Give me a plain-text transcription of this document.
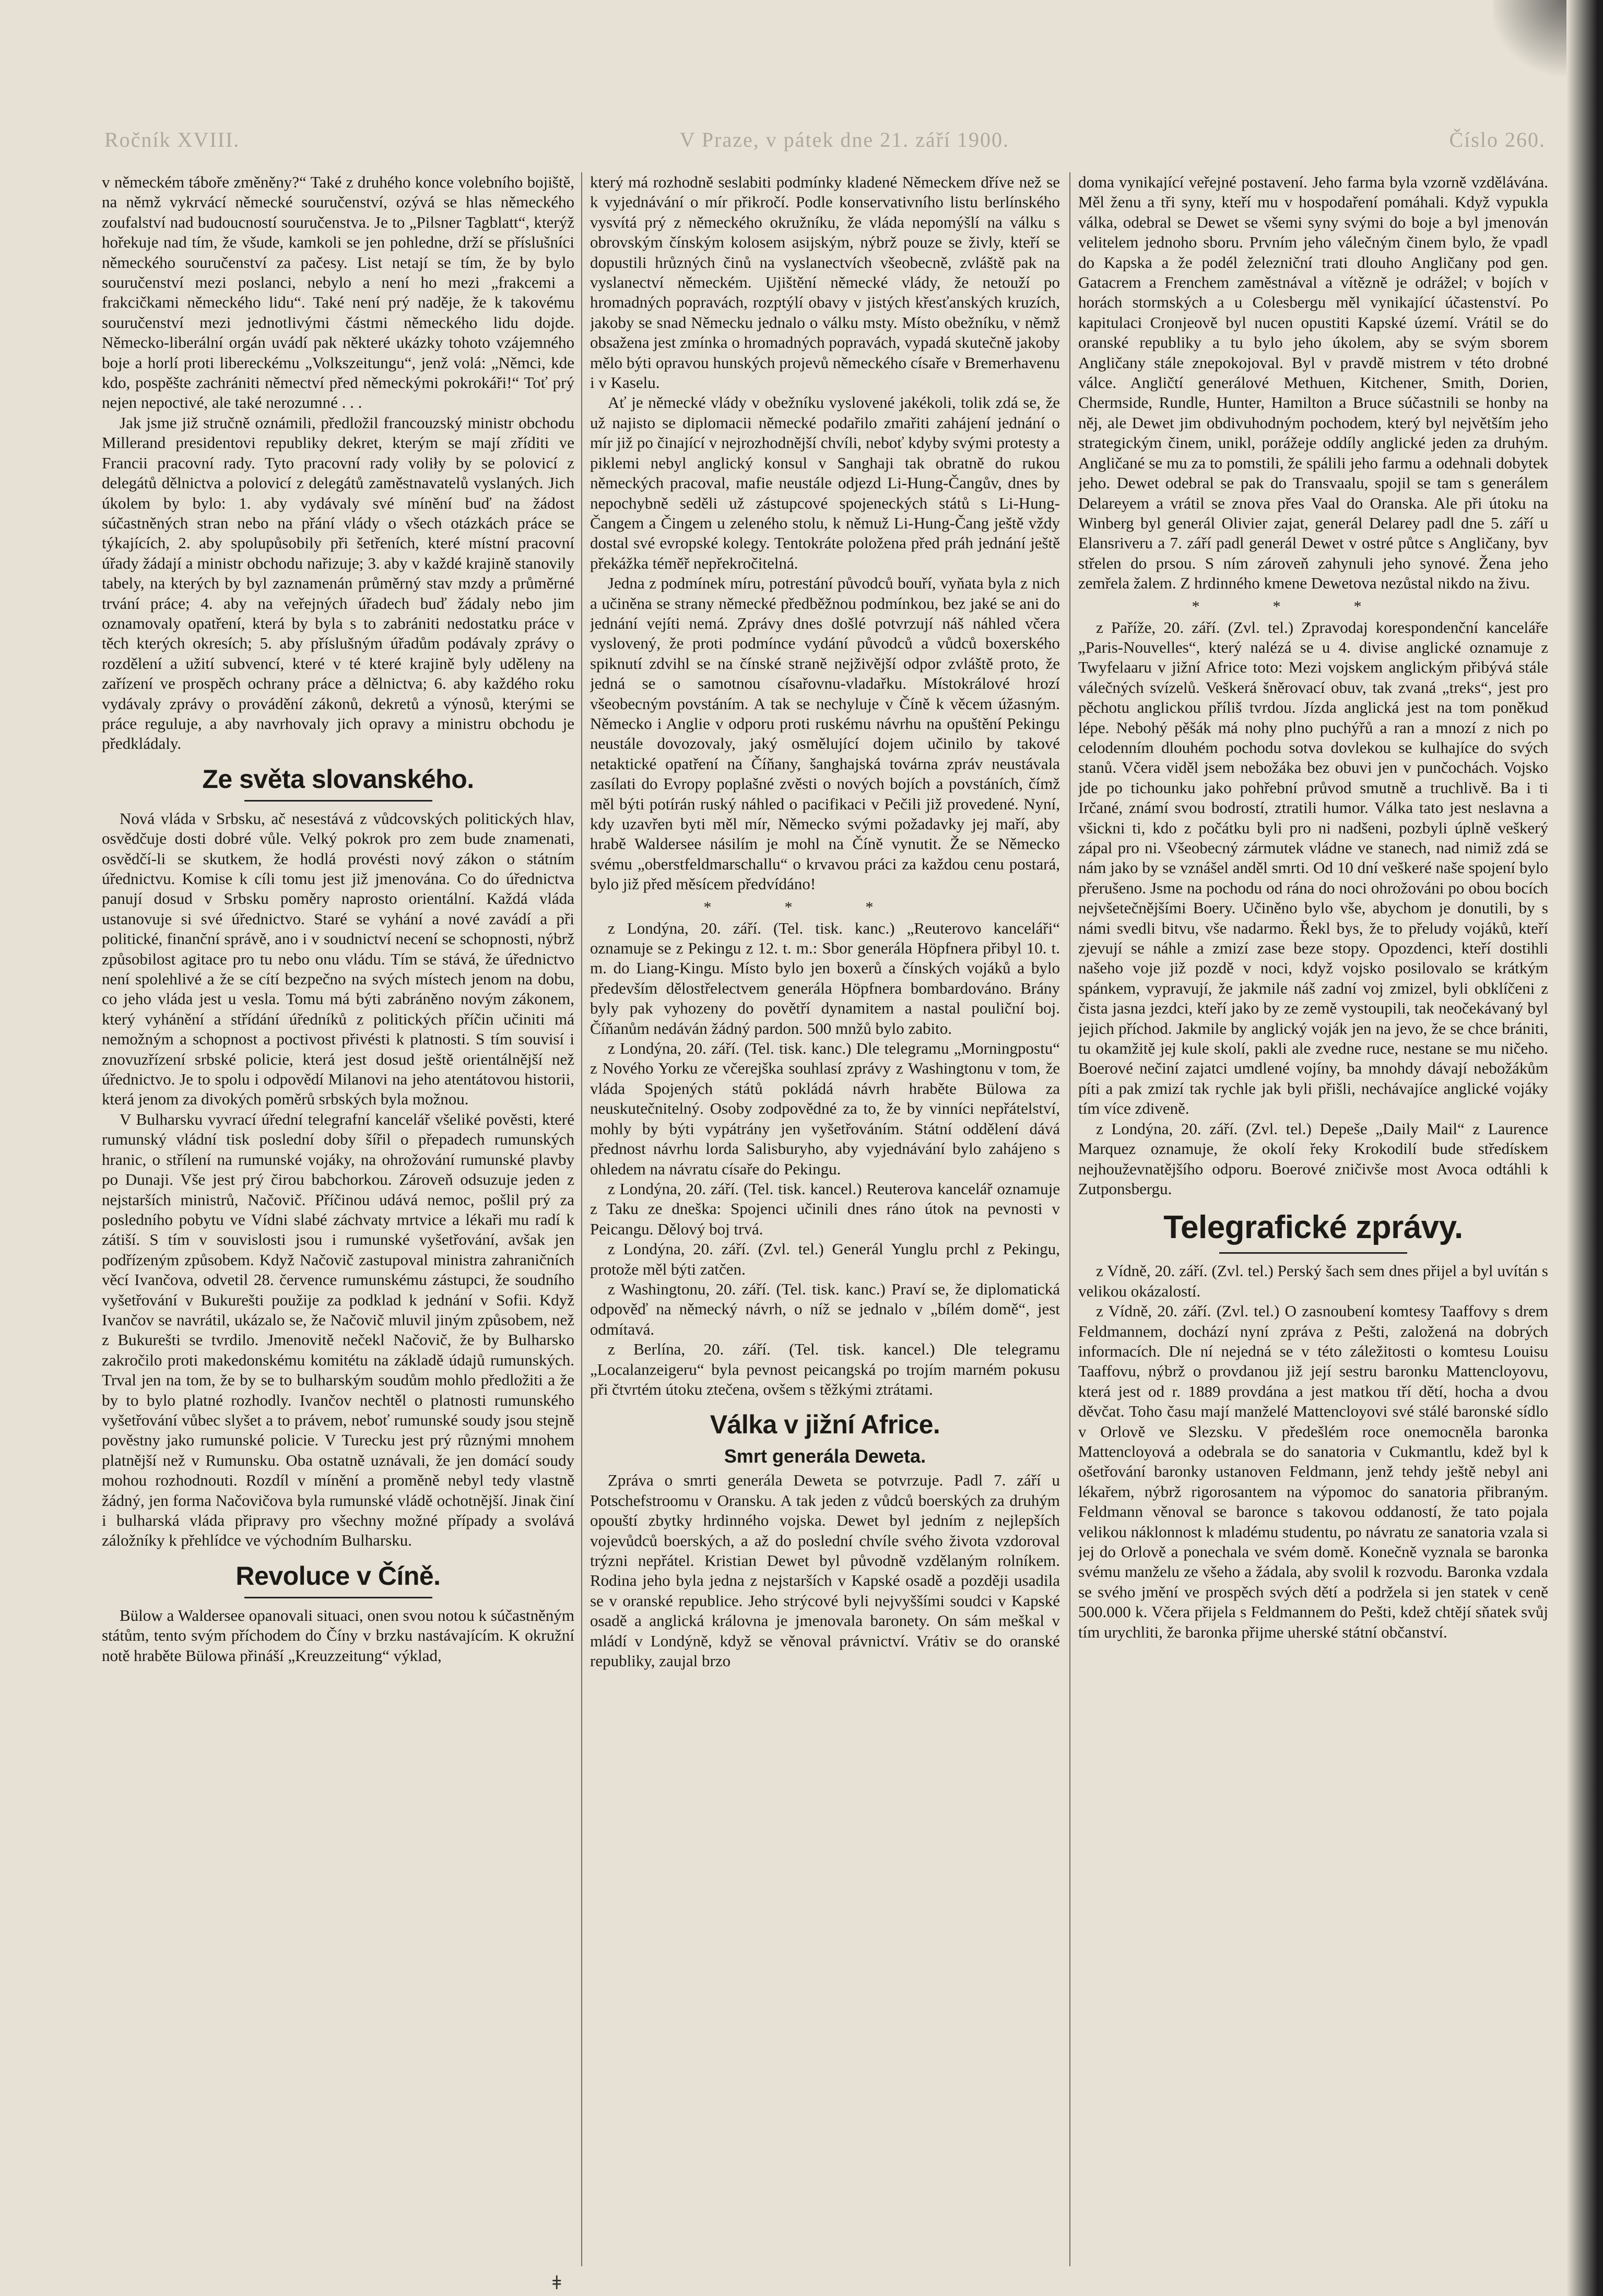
Ročník XVIII.	V Praze, v pátek dne 21. září 1900.	Číslo 260.

v německém táboře změněny?“ Také z druhého konce volebního bojiště, na němž vykrvácí německé souručenství, ozývá se hlas německého zoufalství nad budoucností souručenstva. Je to „Pilsner Tagblatt“, kterýž hořekuje nad tím, že všude, kamkoli se jen pohledne, drží se příslušníci německého souručenství za pačesy. List netají se tím, že by bylo souručenství mezi poslanci, nebylo a není ho mezi „frakcemi a frakcičkami německého lidu“. Také není prý naděje, že k takovému souručenství mezi jednotlivými částmi německého lidu dojde. Německo-liberální orgán uvádí pak některé ukázky tohoto vzájemného boje a horlí proti libereckému „Volkszeitungu“, jenž volá: „Němci, kde kdo, pospěšte zachrániti němectví před německými pokrokáři!“ Toť prý nejen nepoctivé, ale také nerozumné . . .

Jak jsme již stručně oznámili, předložil francouzský ministr obchodu Millerand presidentovi republiky dekret, kterým se mají zříditi ve Francii pracovní rady. Tyto pracovní rady voliły by se polovicí z delegátů dělnictva a polovicí z delegátů zaměstnavatelů vyslaných. Jich úkolem by bylo: 1. aby vydávaly své mínění buď na žádost súčastněných stran nebo na přání vlády o všech otázkách práce se týkajících, 2. aby spolupůsobily při šetřeních, které místní pracovní úřady žádají a ministr obchodu nařizuje; 3. aby v každé krajině stanovily tabely, na kterých by byl zaznamenán průměrný stav mzdy a průměrné trvání práce; 4. aby na veřejných úřadech buď žádaly nebo jim oznamovaly opatření, která by byla s to zabrániti nedostatku práce v těch kterých okresích; 5. aby příslušným úřadům podávaly zprávy o rozdělení a užití subvencí, které v té které krajině byly uděleny na zařízení ve prospěch ochrany práce a dělnictva; 6. aby každého roku vydávaly zprávy o provádění zákonů, dekretů a výnosů, kterými se práce reguluje, a aby navrhovaly jich opravy a ministru obchodu je předkládaly.

Ze světa slovanského.

Nová vláda v Srbsku, ač nesestává z vůdcovských politických hlav, osvědčuje dosti dobré vůle. Velký pokrok pro zem bude znamenati, osvědčí-li se skutkem, že hodlá provésti nový zákon o státním úřednictvu. Komise k cíli tomu jest již jmenována. Co do úřednictva panují dosud v Srbsku poměry naprosto orientální. Každá vláda ustanovuje si své úřednictvo. Staré se vyhání a nové zavádí a při politické, finanční správě, ano i v soudnictví necení se schopnosti, nýbrž způsobilost agitace pro tu nebo onu vládu. Tím se stává, že úřednictvo není spolehlivé a že se cítí bezpečno na svých místech jenom na dobu, co jeho vláda jest u vesla. Tomu má býti zabráněno novým zákonem, který vyhánění a střídání úředníků z politických příčin učiniti má nemožným a schopnost a poctivost přivésti k platnosti. S tím souvisí i znovuzřízení srbské policie, která jest dosud ještě orientálnější než úřednictvo. Je to spolu i odpovědí Milanovi na jeho atentátovou historii, která jenom za divokých poměrů srbských byla možnou.

V Bulharsku vyvrací úřední telegrafní kancelář všeliké pověsti, které rumunský vládní tisk poslední doby šířil o přepadech rumunských hranic, o střílení na rumunské vojáky, na ohrožování rumunské plavby po Dunaji. Vše jest prý čirou babchorkou. Zároveň odsuzuje jeden z nejstarších ministrů, Načovič. Příčinou udává nemoc, pošlil prý za posledního pobytu ve Vídni slabé záchvaty mrtvice a lékaři mu radí k zátiší. S tím v souvislosti jsou i rumunské vyšetřování, avšak jen podřízeným způsobem. Když Načovič zastupoval ministra zahraničních věcí Ivančova, odvetil 28. července rumunskému zástupci, že soudního vyšetřování v Bukurešti použije za podklad k jednání v Sofii. Když Ivančov se navrátil, ukázalo se, že Načovič mluvil jiným způsobem, než z Bukurešti se tvrdilo. Jmenovitě nečekl Načovič, že by Bulharsko zakročilo proti makedonskému komitétu na základě údajů rumunských. Trval jen na tom, že by se to bulharským soudům mohlo předložiti a že by to bylo platné rozhodly. Ivančov nechtěl o platnosti rumunského vyšetřování vůbec slyšet a to právem, neboť rumunské soudy jsou stejně pověstny jako rumunské policie. V Turecku jest prý různými mnohem platnější než v Rumunsku. Oba ostatně uznávali, že jen domácí soudy mohou rozhodnouti. Rozdíl v mínění a proměně nebyl tedy vlastně žádný, jen forma Načovičova byla rumunské vládě ochotnější. Jinak činí i bulharská vláda připravy pro všechny možné případy a svolává záložníky k přehlídce ve východním Bulharsku.

Revoluce v Číně.

Bülow a Waldersee opanovali situaci, onen svou notou k súčastněným státům, tento svým příchodem do Číny v brzku nastávajícím. K okružní notě hraběte Bülowa přináší „Kreuzzeitung“ výklad,

který má rozhodně seslabiti podmínky kladené Německem dříve než se k vyjednávání o mír přikročí. Podle konservativního listu berlínského vysvítá prý z německého okružníku, že vláda nepomýšlí na válku s obrovským čínským kolosem asijským, nýbrž pouze se živly, kteří se dopustili hrůzných činů na vyslanectvích všeobecně, zvláště pak na vyslanectví německém. Ujištění německé vlády, že netouží po hromadných popravách, rozptýlí obavy v jistých křesťanských kruzích, jakoby se snad Německu jednalo o válku msty. Místo obežníku, v němž obsažena jest zmínka o hromadných popravách, vypadá skutečně jakoby mělo býti opravou hunských projevů německého císaře v Bremerhavenu i v Kaselu.

Ať je německé vlády v obežníku vyslovené jakékoli, tolik zdá se, že už najisto se diplomacii německé podařilo zmařiti zahájení jednání o mír již po činající v nejrozhodnější chvíli, neboť kdyby svými protesty a piklemi nebyl anglický konsul v Sanghaji tak obratně do rukou německých pracoval, mafie neustále odjezd Li-Hung-Čangův, dnes by nepochybně seděli už zástupcové spojeneckých států s Li-Hung-Čangem a Čingem u zeleného stolu, k němuž Li-Hung-Čang ještě vždy dostal své evropské kolegy. Tentokráte položena před práh jednání ještě překážka téměř nepřekročitelná.

Jedna z podmínek míru, potrestání původců bouří, vyňata byla z nich a učiněna se strany německé předběžnou podmínkou, bez jaké se ani do jednání vejíti nemá. Zprávy dnes došlé potvrzují náš náhled včera vyslovený, že proti podmínce vydání původců a vůdců boxerského spiknutí zdvihl se na čínské straně nejživější odpor zvláště proto, že jedná se o samotnou císařovnu-vladařku. Místokrálové hrozí všeobecným povstáním. A tak se nechyluje v Číně k věcem úžasným. Německo i Anglie v odporu proti ruskému návrhu na opuštění Pekingu neustále dovozovaly, jaký osmělující dojem učinilo by takové netaktické opatření na Číňany, šanghajská továrna zpráv neustávala zasílati do Evropy poplašné zvěsti o nových bojích a povstáních, čímž měl býti potírán ruský náhled o pacifikaci v Pečili již provedené. Nyní, kdy uzavřen byti měl mír, Německo svými požadavky jej maří, aby hrabě Waldersee násilím je mohl na Číně vynutit. Že se Německo svému „oberstfeldmarschallu“ o krvavou práci za každou cenu postará, bylo již před měsícem předvídáno!

***

z Londýna, 20. září. (Tel. tisk. kanc.) „Reuterovo kanceláři“ oznamuje se z Pekingu z 12. t. m.: Sbor generála Höpfnera přibyl 10. t. m. do Liang-Kingu. Místo bylo jen boxerů a čínských vojáků a bylo především dělostřelectvem generála Höpfnera bombardováno. Brány byly pak vyhozeny do povětří dynamitem a nastal pouliční boj. Číňanům nedáván žádný pardon. 500 mnžů bylo zabito.

z Londýna, 20. září. (Tel. tisk. kanc.) Dle telegramu „Morningpostu“ z Nového Yorku ze včerejška souhlasí zprávy z Washingtonu v tom, že vláda Spojených států pokládá návrh hraběte Bülowa za neuskutečnitelný. Osoby zodpovědné za to, že by vinníci nepřátelství, mohly by býti vypátrány jen vyšetřováním. Státní oddělení dává přednost návrhu lorda Salisburyho, aby vyjednávání bylo zahájeno s ohledem na návratu císaře do Pekingu.

z Londýna, 20. září. (Tel. tisk. kancel.) Reuterova kancelář oznamuje z Taku ze dneška: Spojenci učinili dnes ráno útok na pevnosti v Peicangu. Dělový boj trvá.

z Londýna, 20. září. (Zvl. tel.) Generál Yunglu prchl z Pekingu, protože měl býti zatčen.

z Washingtonu, 20. září. (Tel. tisk. kanc.) Praví se, že diplomatická odpověď na německý návrh, o níž se jednalo v „bílém domě“, jest odmítavá.

z Berlína, 20. září. (Tel. tisk. kancel.) Dle telegramu „Localanzeigeru“ byla pevnost peicangská po trojím marném pokusu při čtvrtém útoku ztečena, ovšem s těžkými ztrátami.

Válka v jižní Africe.
Smrt generála Deweta.

Zpráva o smrti generála Deweta se potvrzuje. Padl 7. září u Potschefstroomu v Oransku. A tak jeden z vůdců boerských za druhým opouští zbytky hrdinného vojska. Dewet byl jedním z nejlepších vojevůdců boerských, a až do poslední chvíle svého života vzdoroval trýzni nepřátel. Kristian Dewet byl původně vzdělaným rolníkem. Rodina jeho byla jedna z nejstarších v Kapské osadě a později usadila se v oranské republice. Jeho strýcové byli nejvyššími soudci v Kapské osadě a anglická královna je jmenovala baronety. On sám meškal v mládí v Londýně, když se věnoval právnictví. Vrátiv se do oranské republiky, zaujal brzo

doma vynikající veřejné postavení. Jeho farma byla vzorně vzdělávána. Měl ženu a tři syny, kteří mu v hospodaření pomáhali. Když vypukla válka, odebral se Dewet se všemi syny svými do boje a byl jmenován velitelem jednoho sboru. Prvním jeho válečným činem bylo, že vpadl do Kapska a že podél železniční trati dlouho Angličany pod gen. Gatacrem a Frenchem zaměstnával a vítězně je odrážel; v bojích v horách stormských a u Colesbergu měl vynikající účastenství. Po kapitulaci Cronjeově byl nucen opustiti Kapské území. Vrátil se do oranské republiky a tu bylo jeho úkolem, aby se svým sborem Angličany stále znepokojoval. Byl v pravdě mistrem v této drobné válce. Angličtí generálové Methuen, Kitchener, Smith, Dorien, Chermside, Rundle, Hunter, Hamilton a Bruce súčastnili se honby na něj, ale Dewet jim obdivuhodným pochodem, který byl největším jeho strategickým činem, unikl, porážeje oddíly anglické jeden za druhým. Angličané se mu za to pomstili, že spálili jeho farmu a odehnali dobytek jeho. Dewet odebral se pak do Transvaalu, spojil se tam s generálem Delareyem a vrátil se znova přes Vaal do Oranska. Ale při útoku na Winberg byl generál Olivier zajat, generál Delarey padl dne 5. září u Elansriveru a 7. září padl generál Dewet v ostré půtce s Angličany, byv střelen do prsou. S ním zároveň zahynuli jeho synové. Žena jeho zemřela žalem. Z hrdinného kmene Dewetova nezůstal nikdo na živu.

***

z Paříže, 20. září. (Zvl. tel.) Zpravodaj korespondenční kanceláře „Paris-Nouvelles“, který nalézá se u 4. divise anglické oznamuje z Twyfelaaru v jižní Africe toto: Mezi vojskem anglickým přibývá stále válečných svízelů. Veškerá šněrovací obuv, tak zvaná „treks“, jest pro pěchotu anglickou příliš tvrdou. Jízda anglická jest na tom poněkud lépe. Nebohý pěšák má nohy plno puchýřů a ran a mnozí z nich po celodenním dlouhém pochodu sotva dovlekou se kulhajíce do svých stanů. Včera viděl jsem nebožáka bez obuvi jen v punčochách. Vojsko jde po tichounku jako pohřební průvod smutně a truchlivě. Ba i ti Irčané, známí svou bodrostí, ztratili humor. Válka tato jest neslavna a všickni ti, kdo z počátku byli pro ni nadšeni, pozbyli úplně veškerý zápal pro ni. Všeobecný zármutek vládne ve stanech, nad nimiž zdá se nám jako by se vznášel anděl smrti. Od 10 dní veškeré naše spojení bylo přerušeno. Jsme na pochodu od rána do noci ohrožováni po obou bocích nejvšetečnějšími Boery. Učiněno bylo vše, abychom je donutili, by s námi svedli bitvu, vše nadarmo. Řekl bys, že to přeludy vojáků, kteří zjevují se náhle a zmizí zase beze stopy. Opozdenci, kteří dostihli našeho voje již pozdě v noci, když vojsko posilovalo se krátkým spánkem, vypravují, že jakmile náš zadní voj zmizel, byli obklíčeni z čista jasna jezdci, kteří jako by ze země vystoupili, tak neočekávaný byl jejich příchod. Jakmile by anglický voják jen na jevo, že se chce brániti, tu okamžitě jej kule skolí, pakli ale zvedne ruce, nestane se mu ničeho. Boerové nečiní zajatci umdlené vojíny, ba mnohdy dávají nebožákům píti a pak zmizí tak rychle jak byli přišli, nechávajíce anglické vojáky tím více zdiveně.

z Londýna, 20. září. (Zvl. tel.) Depeše „Daily Mail“ z Laurence Marquez oznamuje, že okolí řeky Krokodilí bude středískem nejhouževnatějšího odporu. Boerové zničivše most Avoca odtáhli k Zutponsbergu.

Telegrafické zprávy.

z Vídně, 20. září. (Zvl. tel.) Perský šach sem dnes přijel a byl uvítán s velikou okázalostí.

z Vídně, 20. září. (Zvl. tel.) O zasnoubení komtesy Taaffovy s drem Feldmannem, dochází nyní zpráva z Pešti, založená na dobrých informacích. Dle ní nejedná se v této záležitosti o komtesu Louisu Taaffovu, nýbrž o provdanou již její sestru baronku Mattencloyovu, která jest od r. 1889 provdána a jest matkou tří dětí, hocha a dvou děvčat. Toho času mají manželé Mattencloyovi své stálé baronské sídlo v Orlově ve Slezsku. V předešlém roce onemocněla baronka Mattencloyová a odebrala se do sanatoria v Cukmantlu, kdež byl k ošetřování baronky ustanoven Feldmann, jenž tehdy ještě nebyl ani lékařem, nýbrž rigorosantem na výpomoc do sanatoria přibraným. Feldmann věnoval se baronce s takovou oddaností, že tato pojala velikou náklonnost k mladému studentu, po návratu ze sanatoria vzala si jej do Orlově a ponechala ve svém domě. Konečně vyznala se baronka svému manželu ze všeho a žádala, aby svolil k rozvodu. Baronka vzdala se svého jmění ve prospěch svých dětí a podržela si jen statek v ceně 500.000 k. Včera přijela s Feldmannem do Pešti, kdež chtějí sňatek svůj tím urychliti, že baronka přijme uherské státní občanství.

ǂ
